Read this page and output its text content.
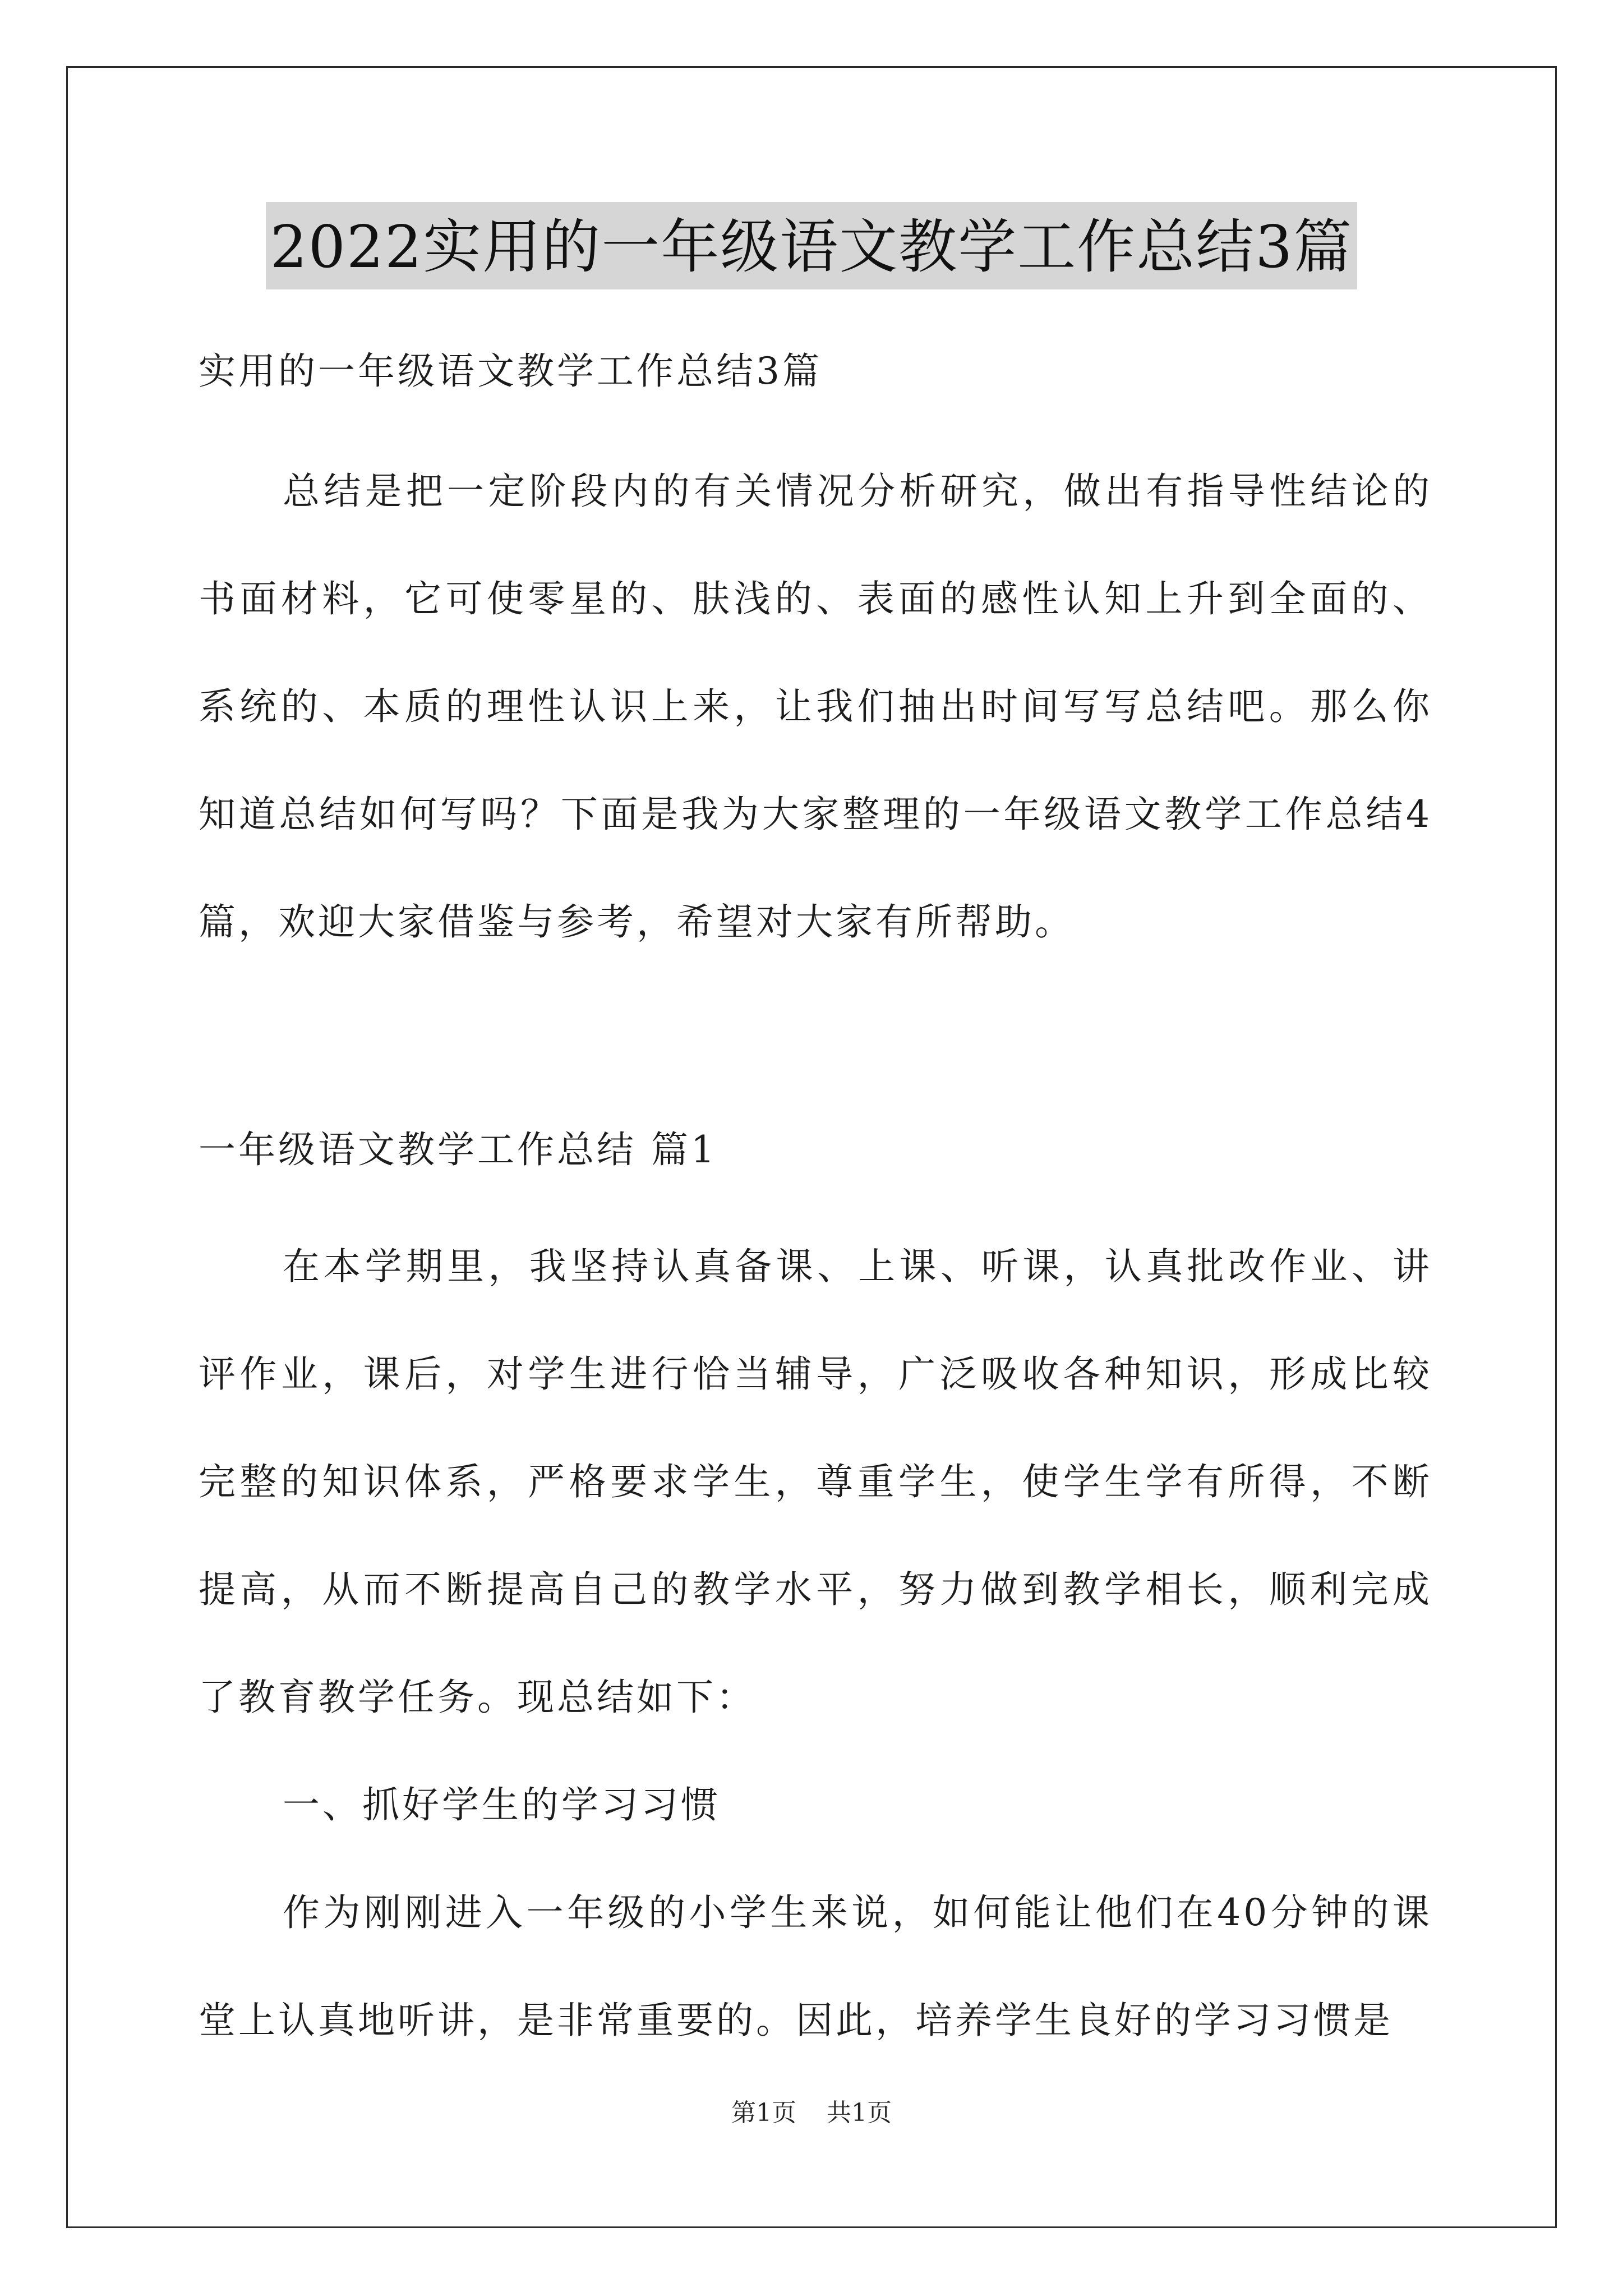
2022实用的一年级语文教学工作总结3篇
实用的一年级语文教学工作总结3篇

总结是把一定阶段内的有关情况分析研究，做出有指导性结论的书面材料，它可使零星的、肤浅的、表面的感性认知上升到全面的、系统的、本质的理性认识上来，让我们抽出时间写写总结吧。那么你知道总结如何写吗？下面是我为大家整理的一年级语文教学工作总结4篇，欢迎大家借鉴与参考，希望对大家有所帮助。

一年级语文教学工作总结 篇1

在本学期里，我坚持认真备课、上课、听课，认真批改作业、讲评作业，课后，对学生进行恰当辅导，广泛吸收各种知识，形成比较完整的知识体系，严格要求学生，尊重学生，使学生学有所得，不断提高，从而不断提高自己的教学水平，努力做到教学相长，顺利完成了教育教学任务。现总结如下：

一、抓好学生的学习习惯

作为刚刚进入一年级的小学生来说，如何能让他们在40分钟的课堂上认真地听讲，是非常重要的。因此，培养学生良好的学习习惯是

第1页 共1页
